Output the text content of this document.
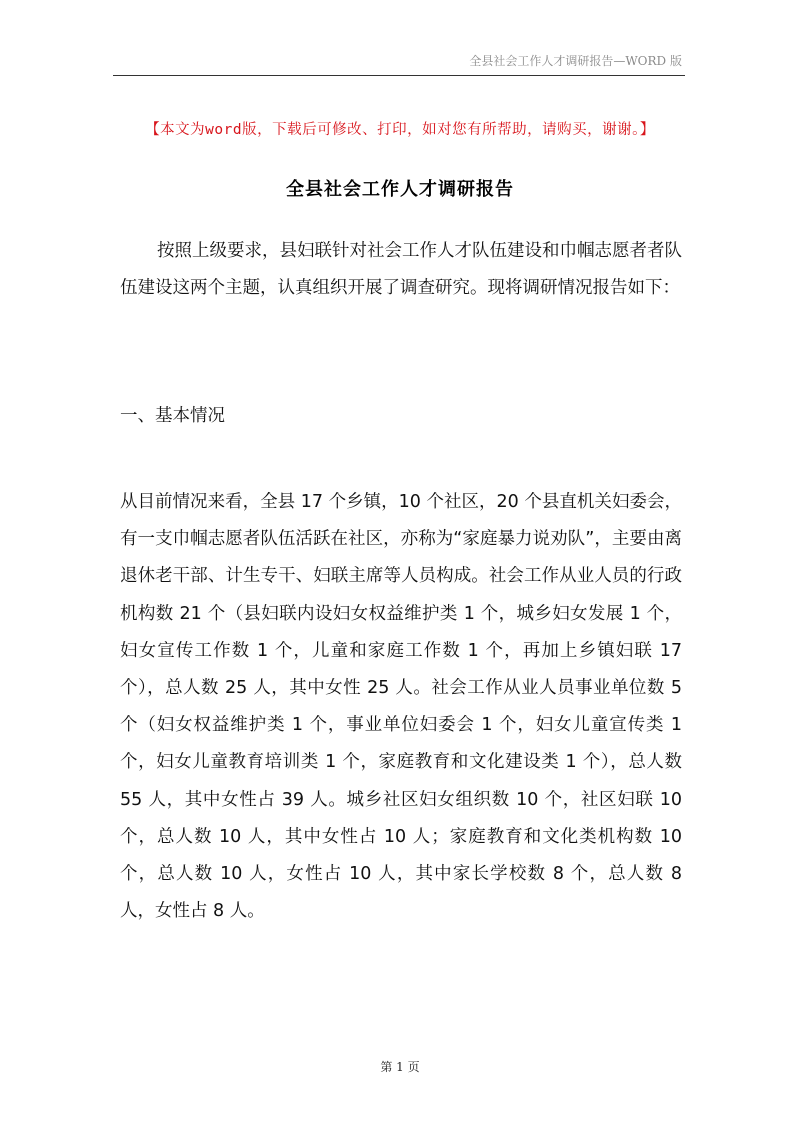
全县社会工作人才调研报告—WORD 版
【本文为word版，下载后可修改、打印，如对您有所帮助，请购买，谢谢。】
全县社会工作人才调研报告
按照上级要求，县妇联针对社会工作人才队伍建设和巾帼志愿者者队伍建设这两个主题，认真组织开展了调查研究。现将调研情况报告如下：
一、基本情况
从目前情况来看，全县 17 个乡镇，10 个社区，20 个县直机关妇委会，有一支巾帼志愿者队伍活跃在社区，亦称为“家庭暴力说劝队”，主要由离退休老干部、计生专干、妇联主席等人员构成。社会工作从业人员的行政机构数 21 个（县妇联内设妇女权益维护类 1 个，城乡妇女发展 1 个，妇女宣传工作数 1 个，儿童和家庭工作数 1 个，再加上乡镇妇联 17 个），总人数 25 人，其中女性 25 人。社会工作从业人员事业单位数 5 个（妇女权益维护类 1 个，事业单位妇委会 1 个，妇女儿童宣传类 1 个，妇女儿童教育培训类 1 个，家庭教育和文化建设类 1 个），总人数 55 人，其中女性占 39 人。城乡社区妇女组织数 10 个，社区妇联 10 个，总人数 10 人，其中女性占 10 人；家庭教育和文化类机构数 10 个，总人数 10 人，女性占 10 人，其中家长学校数 8 个，总人数 8 人，女性占 8 人。
第 1 页
